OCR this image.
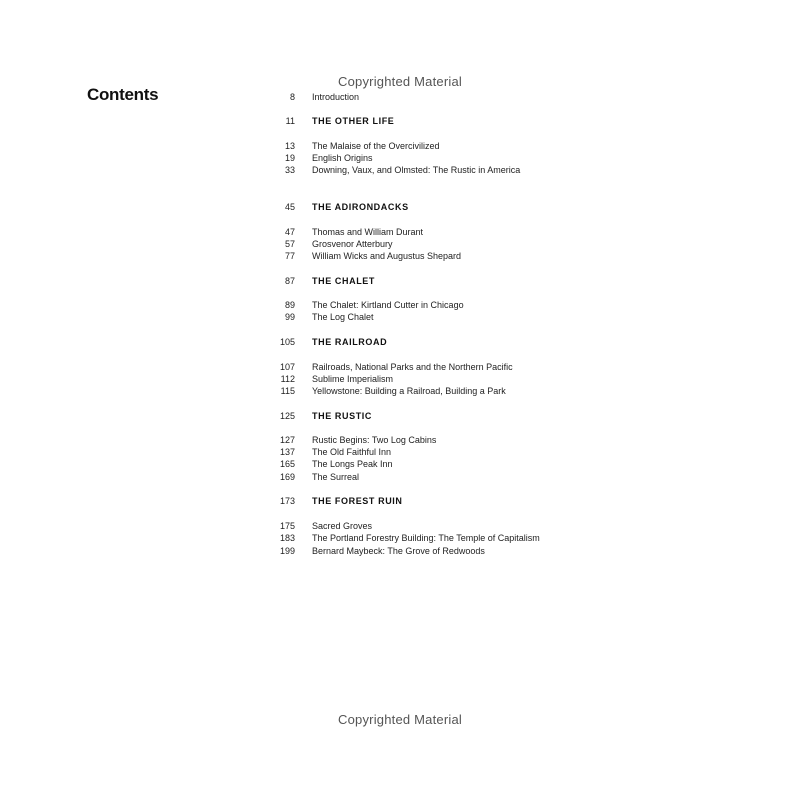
Copyrighted Material
Contents	8 Introduction
11 THE OTHER LIFE
13 The Malaise of the Overcivilized
19 English Origins
33 Downing, Vaux, and Olmsted: The Rustic in America
45 THE ADIRONDACKS
47 Thomas and William Durant
57 Grosvenor Atterbury
77 William Wicks and Augustus Shepard
87 THE CHALET
89 The Chalet: Kirtland Cutter in Chicago
99 The Log Chalet
105 THE RAILROAD
107 Railroads, National Parks and the Northern Pacific
112 Sublime Imperialism
115 Yellowstone: Building a Railroad, Building a Park
125 THE RUSTIC
127 Rustic Begins: Two Log Cabins
137 The Old Faithful Inn
165 The Longs Peak Inn
169 The Surreal
173 THE FOREST RUIN
175 Sacred Groves
183 The Portland Forestry Building: The Temple of Capitalism
199 Bernard Maybeck: The Grove of Redwoods
Copyrighted Material
